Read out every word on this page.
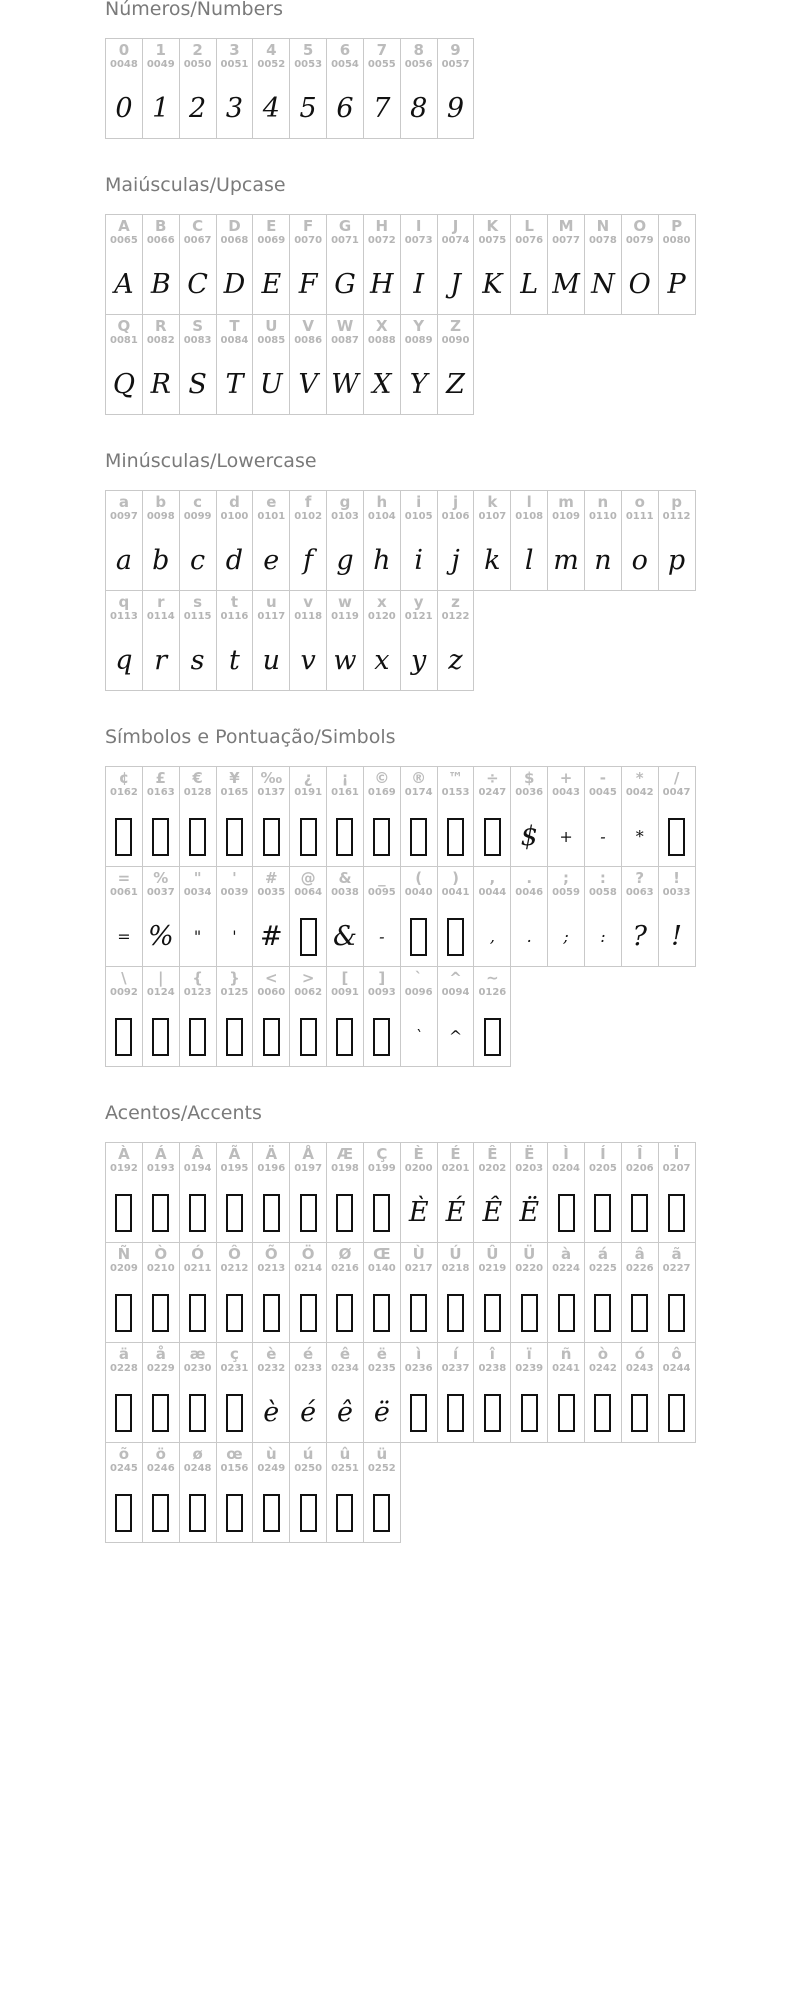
Números/Numbers
0
0048
0
1
0049
1
2
0050
2
3
0051
3
4
0052
4
5
0053
5
6
0054
6
7
0055
7
8
0056
8
9
0057
9
Maiúsculas/Upcase
A
0065
A
B
0066
B
C
0067
C
D
0068
D
E
0069
E
F
0070
F
G
0071
G
H
0072
H
I
0073
I
J
0074
J
K
0075
K
L
0076
L
M
0077
M
N
0078
N
O
0079
O
P
0080
P
Q
0081
Q
R
0082
R
S
0083
S
T
0084
T
U
0085
U
V
0086
V
W
0087
W
X
0088
X
Y
0089
Y
Z
0090
Z
Minúsculas/Lowercase
a
0097
a
b
0098
b
c
0099
c
d
0100
d
e
0101
e
f
0102
f
g
0103
g
h
0104
h
i
0105
i
j
0106
j
k
0107
k
l
0108
l
m
0109
m
n
0110
n
o
0111
o
p
0112
p
q
0113
q
r
0114
r
s
0115
s
t
0116
t
u
0117
u
v
0118
v
w
0119
w
x
0120
x
y
0121
y
z
0122
z
Símbolos e Pontuação/Simbols
¢
0162
£
0163
€
0128
¥
0165
‰
0137
¿
0191
¡
0161
©
0169
®
0174
™
0153
÷
0247
$
0036
$
+
0043
+
-
0045
-
*
0042
*
/
0047
=
0061
=
%
0037
%
"
0034
"
'
0039
'
#
0035
#
@
0064
&
0038
&
_
0095
-
(
0040
)
0041
,
0044
,
.
0046
.
;
0059
;
:
0058
:
?
0063
?
!
0033
!
\
0092
|
0124
{
0123
}
0125
<
0060
>
0062
[
0091
]
0093
`
0096
`
^
0094
^
~
0126
Acentos/Accents
À
0192
Á
0193
Â
0194
Ã
0195
Ä
0196
Å
0197
Æ
0198
Ç
0199
È
0200
È
É
0201
É
Ê
0202
Ê
Ë
0203
Ë
Ì
0204
Í
0205
Î
0206
Ï
0207
Ñ
0209
Ò
0210
Ó
0211
Ô
0212
Õ
0213
Ö
0214
Ø
0216
Œ
0140
Ù
0217
Ú
0218
Û
0219
Ü
0220
à
0224
á
0225
â
0226
ã
0227
ä
0228
å
0229
æ
0230
ç
0231
è
0232
è
é
0233
é
ê
0234
ê
ë
0235
ë
ì
0236
í
0237
î
0238
ï
0239
ñ
0241
ò
0242
ó
0243
ô
0244
õ
0245
ö
0246
ø
0248
œ
0156
ù
0249
ú
0250
û
0251
ü
0252
